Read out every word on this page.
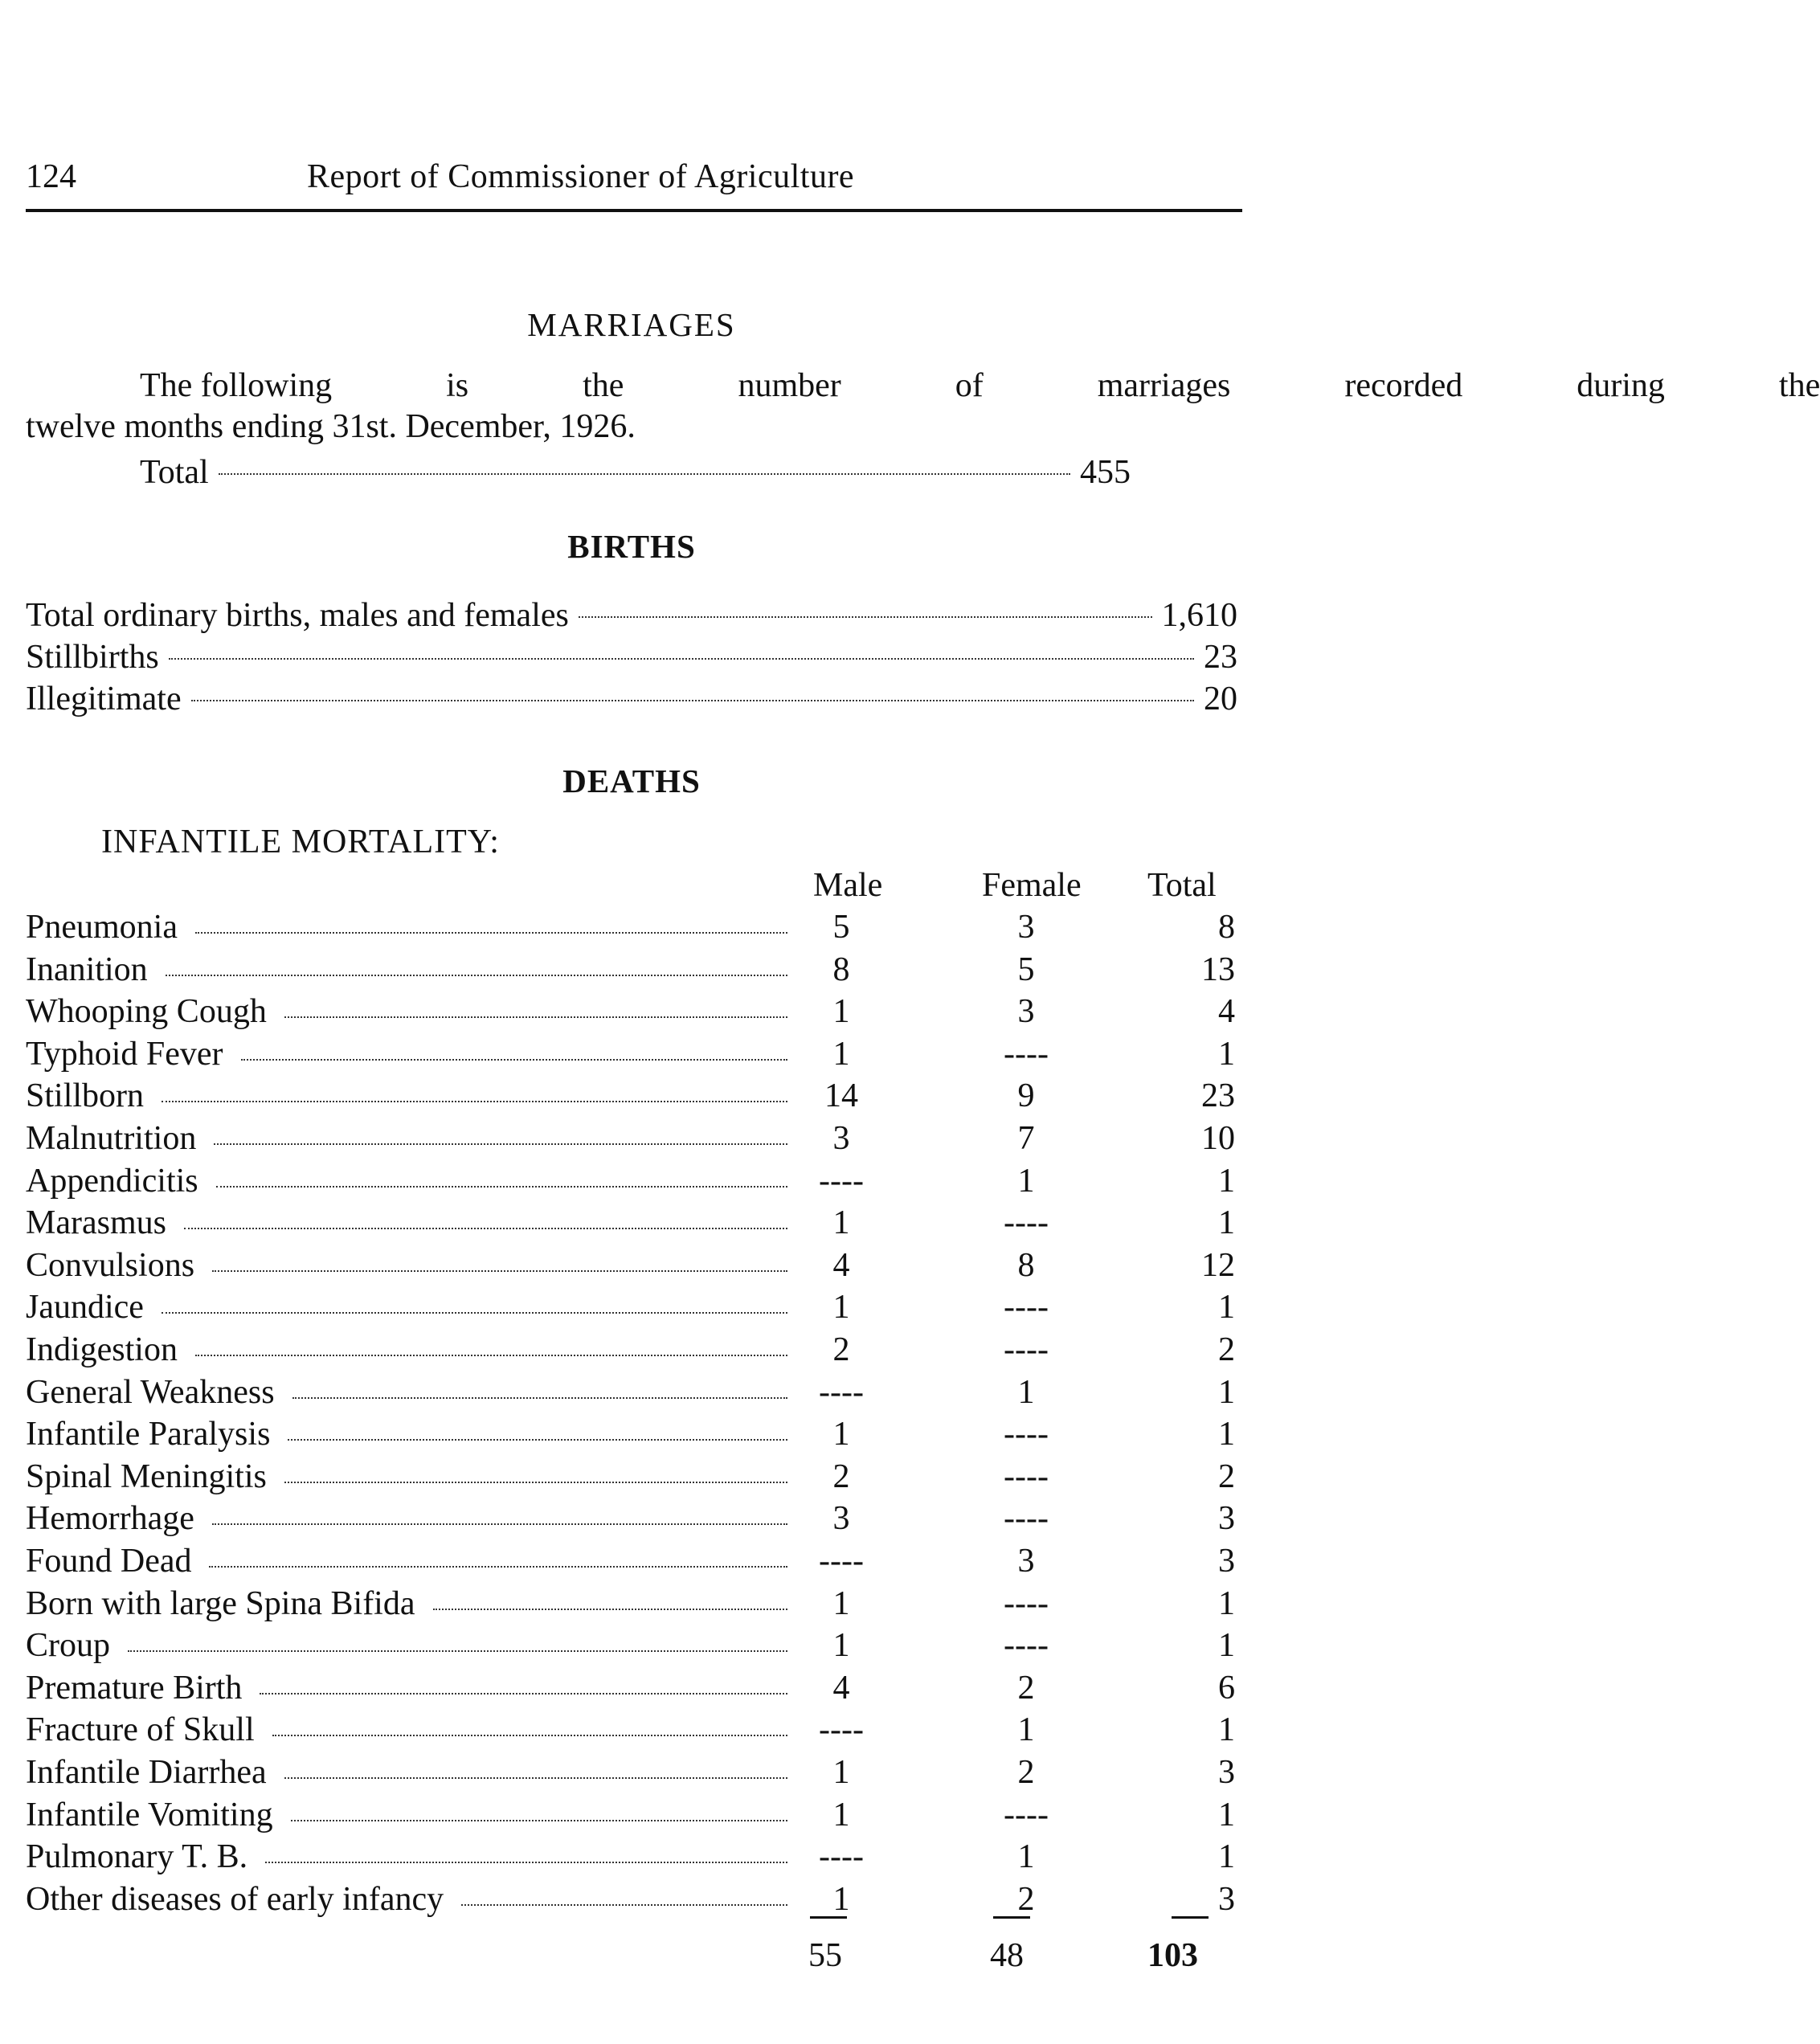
124	Report of Commissioner of Agriculture
MARRIAGES
The following	is	the	number	of	marriages	recorded	during	the
twelve months ending 31st. December, 1926.
Total	455
BIRTHS
Total ordinary births, males and females	1,610
Stillbirths	23
Illegitimate	20
DEATHS
INFANTILE MORTALITY:
Male	Female Total
Pneumonia	5	3	8
Inanition	8	5	13
Whooping Cough	1	3	4
Typhoid Fever	1	----	1
Stillborn	14	9	23
Malnutrition	3	7	10
Appendicitis	----	1	1
Marasmus	1	----	1
Convulsions	4	8	12
Jaundice	1	----	1
Indigestion	2	----	2
General Weakness	----	1	1
Infantile Paralysis	1	----	1
Spinal Meningitis	2	----	2
Hemorrhage	3	----	3
Found Dead	----	3	3
Born with large Spina Bifida	1	----	1
Croup	1	----	1
Premature Birth	4	2	6
Fracture of Skull	----	1	1
Infantile Diarrhea	1	2	3
Infantile Vomiting	1	----	1
Pulmonary T. B.	----	1	1
Other diseases of early infancy	1	2	3
55	48	103
